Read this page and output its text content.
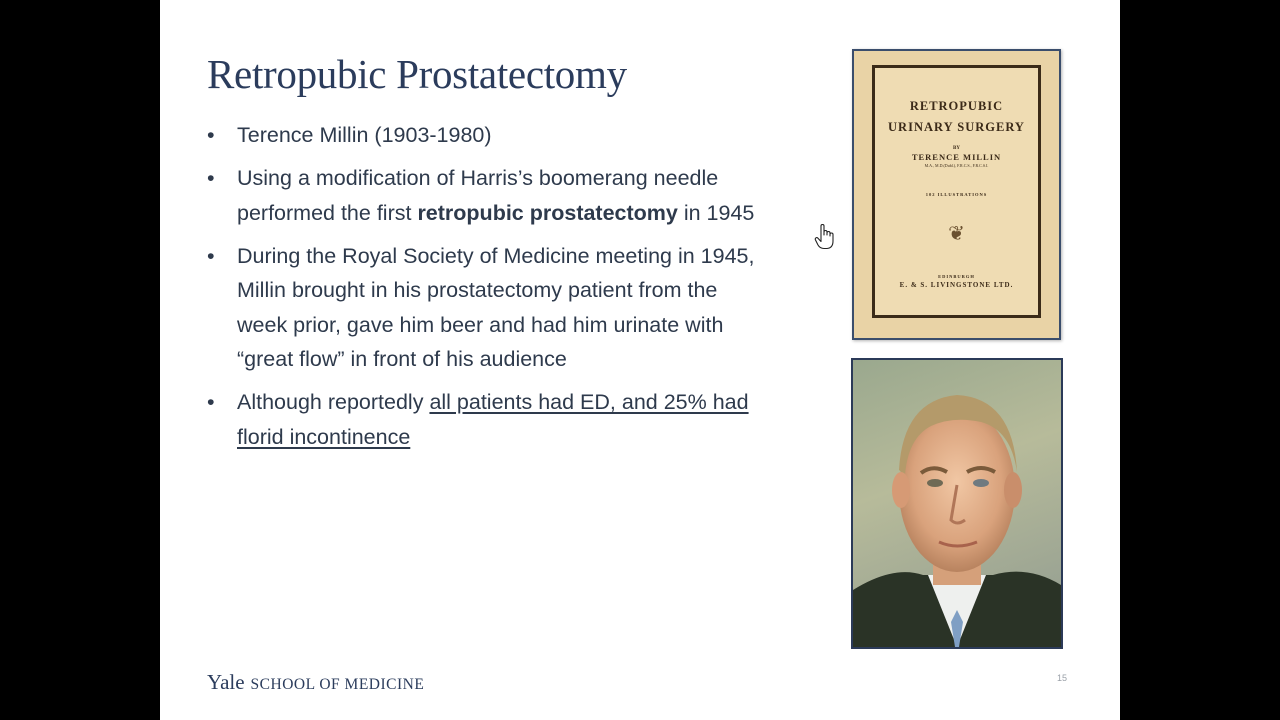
Retropubic Prostatectomy
• Terence Millin (1903-1980)
• Using a modification of Harris’s boomerang needle performed the first retropubic prostatectomy in 1945
• During the Royal Society of Medicine meeting in 1945, Millin brought in his prostatectomy patient from the week prior, gave him beer and had him urinate with “great flow” in front of his audience
• Although reportedly all patients had ED, and 25% had florid incontinence
RETROPUBIC
URINARY SURGERY
BY
TERENCE MILLIN
M.A., M.D.(Dubl.), F.R.C.S., F.R.C.S.I.
102 ILLUSTRATIONS
❦
EDINBURGH
E. & S. LIVINGSTONE LTD.
Yale SCHOOL OF MEDICINE	15
